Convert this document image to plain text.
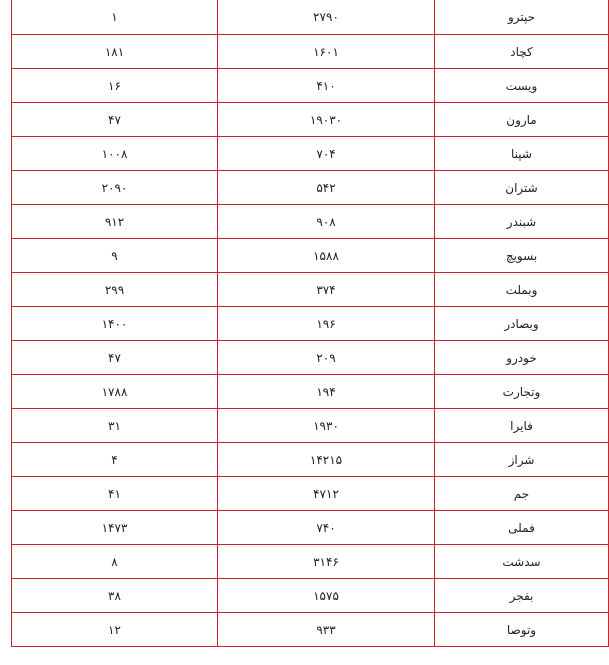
حپترو	۲۷۹۰	۱
کچاد	۱۶۰۱	۱۸۱
ویست	۴۱۰	۱۶
مارون	۱۹۰۳۰	۴۷
شپنا	۷۰۴	۱۰۰۸
شتران	۵۴۲	۲۰۹۰
شبندر	۹۰۸	۹۱۲
بسویچ	۱۵۸۸	۹
وبملت	۳۷۴	۲۹۹
وبصادر	۱۹۶	۱۴۰۰
خودرو	۲۰۹	۴۷
وتجارت	۱۹۴	۱۷۸۸
فایرا	۱۹۳۰	۳۱
شراز	۱۴۲۱۵	۴
جم	۴۷۱۲	۴۱
فملی	۷۴۰	۱۴۷۳
سدشت	۳۱۴۶	۸
بفجر	۱۵۷۵	۳۸
وتوصا	۹۳۳	۱۲
